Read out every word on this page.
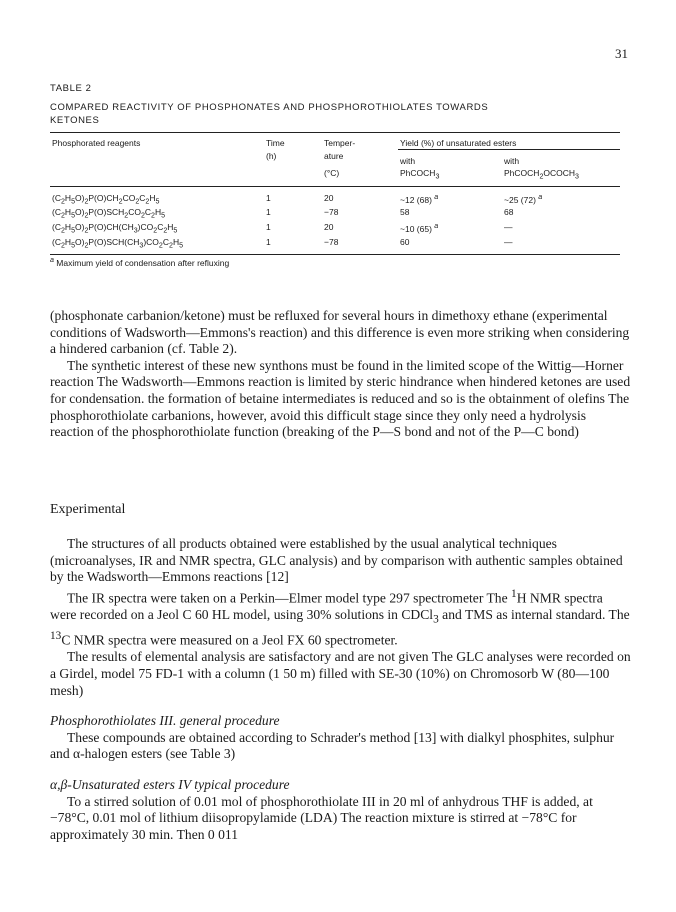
31
TABLE 2
COMPARED REACTIVITY OF PHOSPHONATES AND PHOSPHOROTHIOLATES TOWARDS
KETONES
Phosphorated reagents	Time	Temper-	Yield (%) of unsaturated esters	
	(h)	ature	with	with
		(°C)	PhCOCH$_3$	$PhCOCH_2OCOCH_3$
$(C_2H_5O)_2P(O)CH_2CO_2C_2H_5$	1	20	~12 (68) $^a$	~25 (72) $^a$
$(C_2H_5O)_2P(O)SCH_2CO_2C_2H_5$	1	−78	58	68
$(C_2H_5O)_2P(O)CH(CH_3)CO_2C_2H_5$	1	20	~10 (65) $^a$	—
$(C_2H_5O)_2P(O)SCH(CH_3)CO_2C_2H_5$	1	−78	60	—
$^a$ Maximum yield of condensation after refluxing

(phosphonate carbanion/ketone) must be refluxed for several hours in dimethoxy ethane (experimental conditions of Wadsworth—Emmons's reaction) and this difference is even more striking when considering a hindered carbanion (cf. Table 2).

The synthetic interest of these new synthons must be found in the limited scope of the Wittig—Horner reaction The Wadsworth—Emmons reaction is limited by steric hindrance when hindered ketones are used for condensation. the formation of betaine intermediates is reduced and so is the obtainment of olefins The phosphorothiolate carbanions, however, avoid this difficult stage since they only need a hydrolysis reaction of the phosphorothiolate function (breaking of the P—S bond and not of the P—C bond)

Experimental

The structures of all products obtained were established by the usual analytical techniques (microanalyses, IR and NMR spectra, GLC analysis) and by comparison with authentic samples obtained by the Wadsworth—Emmons reactions [12]

The IR spectra were taken on a Perkin—Elmer model type 297 spectrometer The $^1$H NMR spectra were recorded on a Jeol C 60 HL model, using 30% solutions in CDCl$_3$ and TMS as internal standard. The $^{13}$C NMR spectra were measured on a Jeol FX 60 spectrometer.

The results of elemental analysis are satisfactory and are not given The GLC analyses were recorded on a Girdel, model 75 FD-1 with a column (1 50 m) filled with SE-30 (10%) on Chromosorb W (80—100 mesh)

Phosphorothiolates III. general procedure

These compounds are obtained according to Schrader's method [13] with dialkyl phosphites, sulphur and α-halogen esters (see Table 3)

α,β-Unsaturated esters IV typical procedure

To a stirred solution of 0.01 mol of phosphorothiolate III in 20 ml of anhydrous THF is added, at −78°C, 0.01 mol of lithium diisopropylamide (LDA) The reaction mixture is stirred at −78°C for approximately 30 min. Then 0 011
